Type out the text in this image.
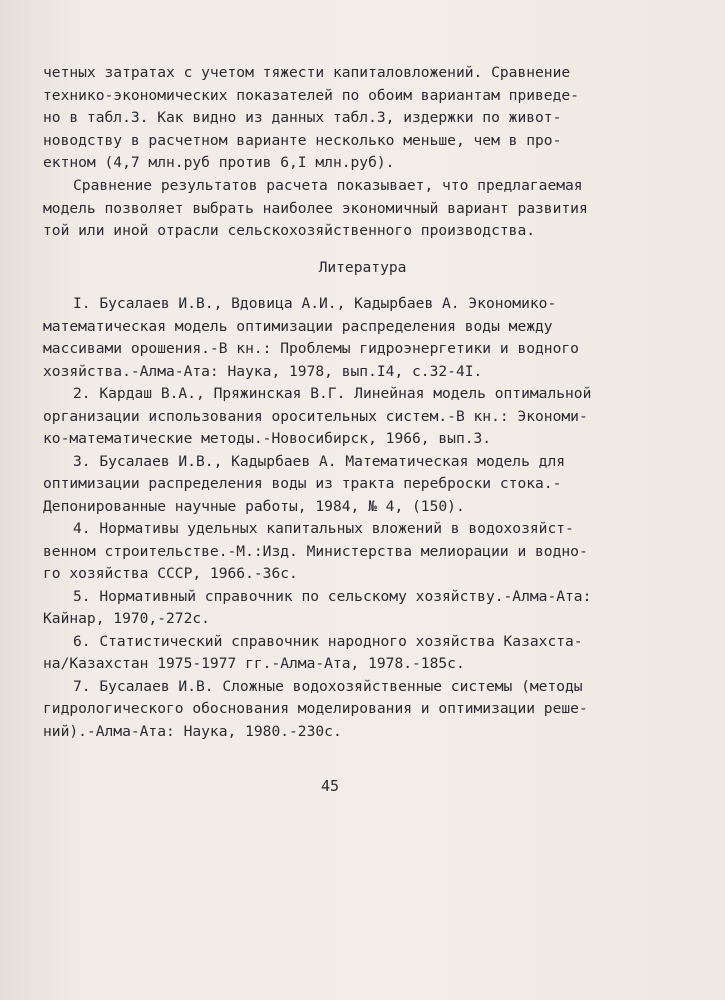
четных затратах с учетом тяжести капиталовложений. Сравнение
технико-экономических показателей по обоим вариантам приведе-
но в табл.3. Как видно из данных табл.3, издержки по живот-
новодству в расчетном варианте несколько меньше, чем в про-
ектном (4,7 млн.руб против 6,I млн.руб).
Сравнение результатов расчета показывает, что предлагаемая
модель позволяет выбрать наиболее экономичный вариант развития
той или иной отрасли сельскохозяйственного производства.
Литература
I. Бусалаев И.В., Вдовица А.И., Кадырбаев А. Экономико-
математическая модель оптимизации распределения воды между
массивами орошения.-В кн.: Проблемы гидроэнергетики и водного
хозяйства.-Алма-Ата: Наука, 1978, вып.I4, с.32-4I.
2. Кардаш В.А., Пряжинская В.Г. Линейная модель оптимальной
организации использования оросительных систем.-В кн.: Экономи-
ко-математические методы.-Новосибирск, 1966, вып.3.
3. Бусалаев И.В., Кадырбаев А. Математическая модель для
оптимизации распределения воды из тракта переброски стока.-
Депонированные научные работы, 1984, № 4, (150).
4. Нормативы удельных капитальных вложений в водохозяйст-
венном строительстве.-М.:Изд. Министерства мелиорации и водно-
го хозяйства СССР, 1966.-36с.
5. Нормативный справочник по сельскому хозяйству.-Алма-Ата:
Кайнар, 1970,-272с.
6. Статистический справочник народного хозяйства Казахста-
на/Казахстан 1975-1977 гг.-Алма-Ата, 1978.-185с.
7. Бусалаев И.В. Сложные водохозяйственные системы (методы
гидрологического обоснования моделирования и оптимизации реше-
ний).-Алма-Ата: Наука, 1980.-230с.
45
